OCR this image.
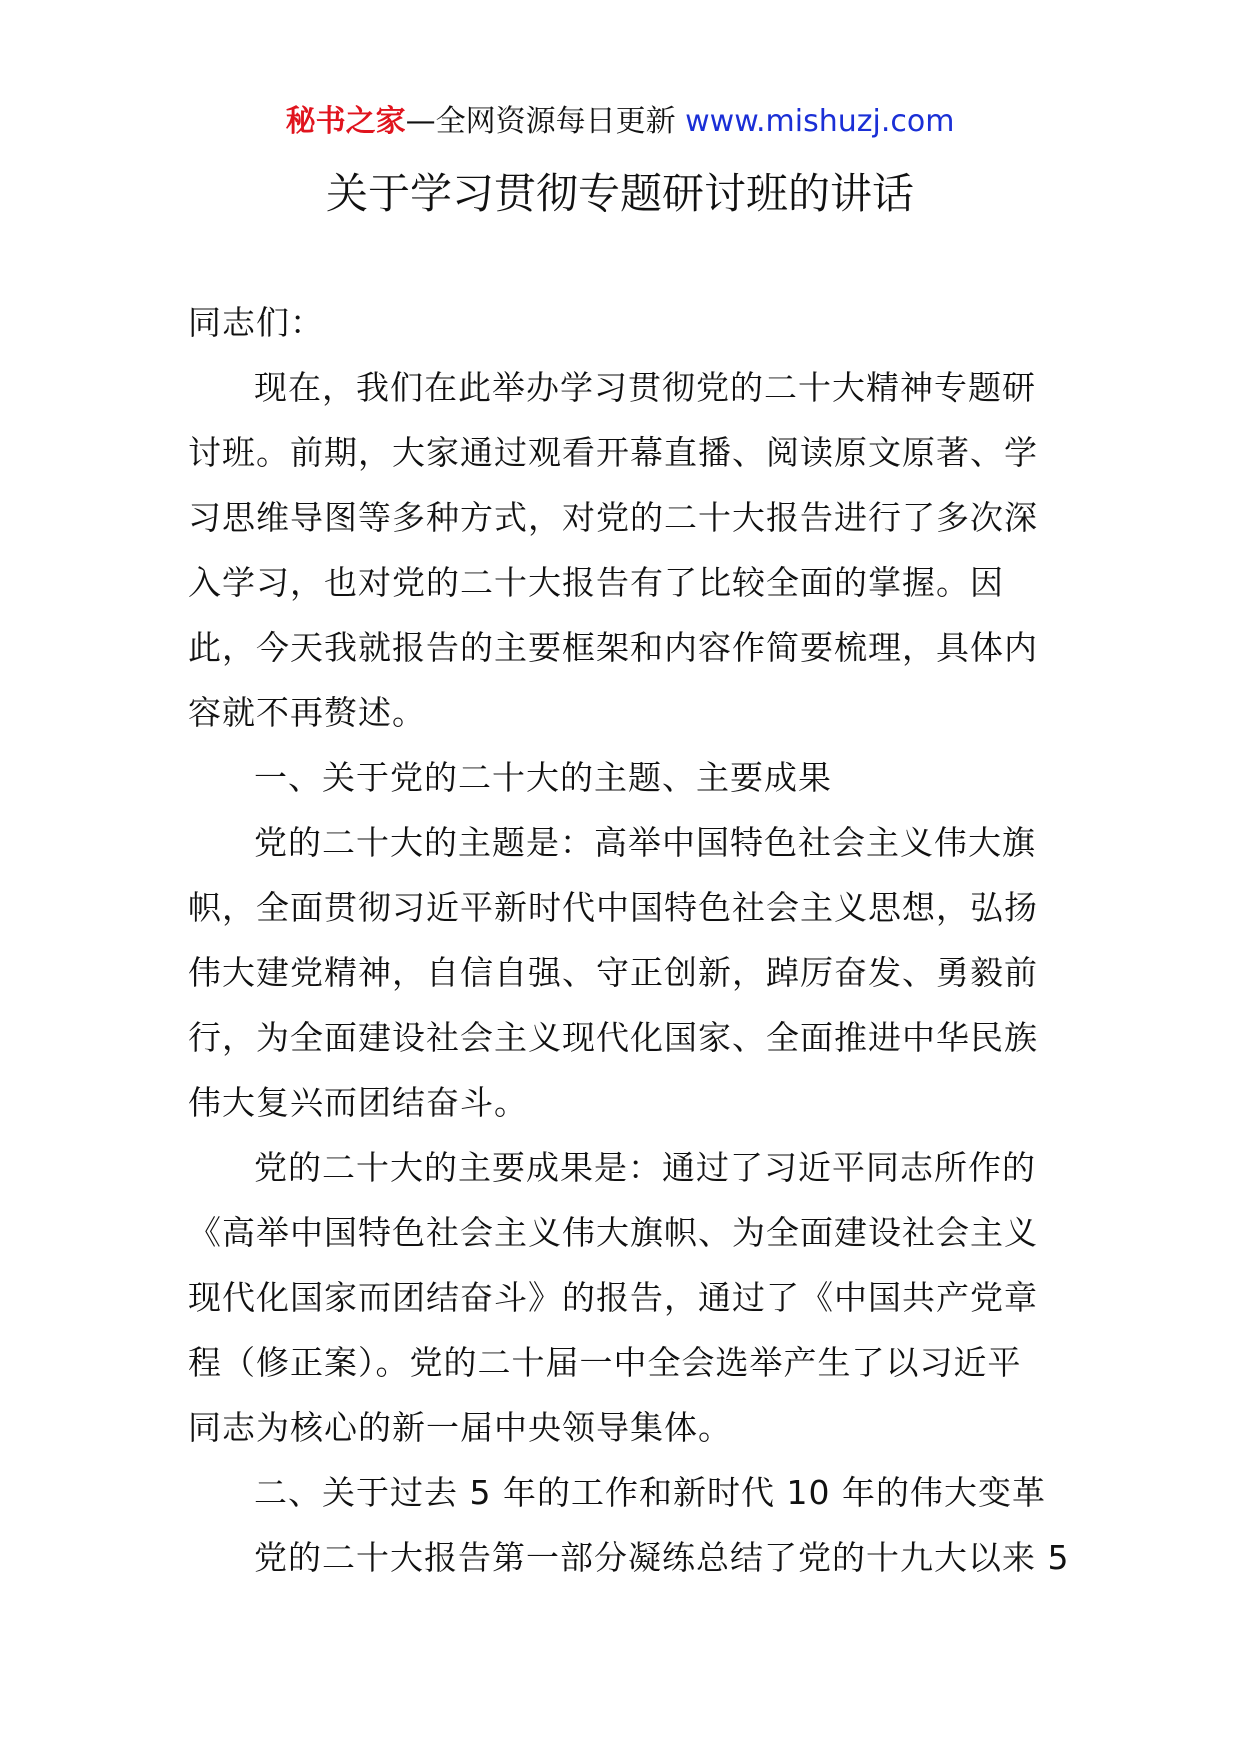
秘书之家—全网资源每日更新 www.mishuzj.com
关于学习贯彻专题研讨班的讲话
同志们：
现在，我们在此举办学习贯彻党的二十大精神专题研
讨班。前期，大家通过观看开幕直播、阅读原文原著、学
习思维导图等多种方式，对党的二十大报告进行了多次深
入学习，也对党的二十大报告有了比较全面的掌握。因
此，今天我就报告的主要框架和内容作简要梳理，具体内
容就不再赘述。
一、关于党的二十大的主题、主要成果
党的二十大的主题是：高举中国特色社会主义伟大旗
帜，全面贯彻习近平新时代中国特色社会主义思想，弘扬
伟大建党精神，自信自强、守正创新，踔厉奋发、勇毅前
行，为全面建设社会主义现代化国家、全面推进中华民族
伟大复兴而团结奋斗。
党的二十大的主要成果是：通过了习近平同志所作的
《高举中国特色社会主义伟大旗帜、为全面建设社会主义
现代化国家而团结奋斗》的报告，通过了《中国共产党章
程（修正案）。党的二十届一中全会选举产生了以习近平
同志为核心的新一届中央领导集体。
二、关于过去 5 年的工作和新时代 10 年的伟大变革
党的二十大报告第一部分凝练总结了党的十九大以来 5
